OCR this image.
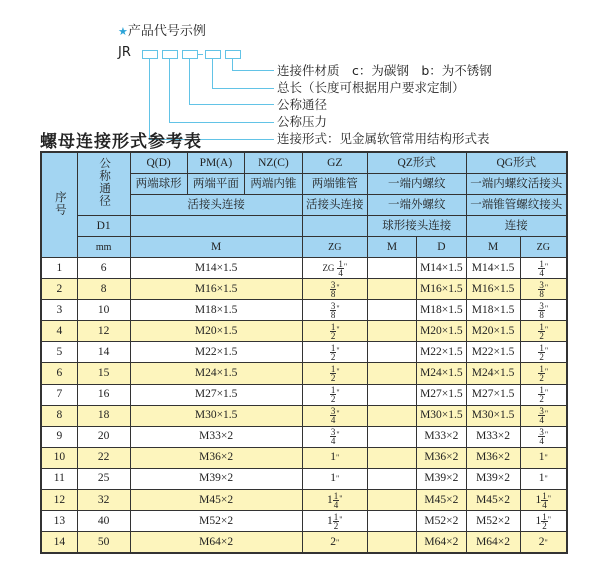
★产品代号示例
JR
连接件材质　c：为碳钢　b：为不锈钢
总长（长度可根据用户要求定制）
公称通径
公称压力
连接形式：见金属软管常用结构形式表
螺母连接形式参考表
序号	公称通径	Q(D)	PM(A)	NZ(C)	GZ	QZ形式		QG形式	
		两端球形	两端平面	两端内锥	两端锥管	一端内螺纹		一端内螺纹活接头	
		活接头连接			活接头连接	一端外螺纹		一端锥管螺纹接头	
	D1					球形接头连接		连接	
	mm	M			ZG	M	D	M	ZG
1	6	M14×1.5			ZG $\frac{1}{4} ^"$		M14×1.5	M14×1.5	$\frac{1}{4} ^"$
2	8	M16×1.5			$\frac{3}{8} ^"$		M16×1.5	M16×1.5	$\frac{3}{8} ^"$
3	10	M18×1.5			$\frac{3}{8} ^"$		M18×1.5	M18×1.5	$\frac{3}{8} ^"$
4	12	M20×1.5			$\frac{1}{2} ^"$		M20×1.5	M20×1.5	$\frac{1}{2} ^"$
5	14	M22×1.5			$\frac{1}{2} ^"$		M22×1.5	M22×1.5	$\frac{1}{2} ^"$
6	15	M24×1.5			$\frac{1}{2} ^"$		M24×1.5	M24×1.5	$\frac{1}{2} ^"$
7	16	M27×1.5			$\frac{1}{2} ^"$		M27×1.5	M27×1.5	$\frac{1}{2} ^"$
8	18	M30×1.5			$\frac{3}{4} ^"$		M30×1.5	M30×1.5	$\frac{3}{4} ^"$
9	20	M33×2			$\frac{3}{4} ^"$		M33×2	M33×2	$\frac{3}{4} ^"$
10	22	M36×2			1"		M36×2	M36×2	1"
11	25	M39×2			1"		M39×2	M39×2	1"
12	32	M45×2			$1 \frac{1}{4} ^"$		M45×2	M45×2	$1 \frac{1}{4} ^"$
13	40	M52×2			$1 \frac{1}{2} ^"$		M52×2	M52×2	$1 \frac{1}{2} ^"$
14	50	M64×2			2"		M64×2	M64×2	2"
